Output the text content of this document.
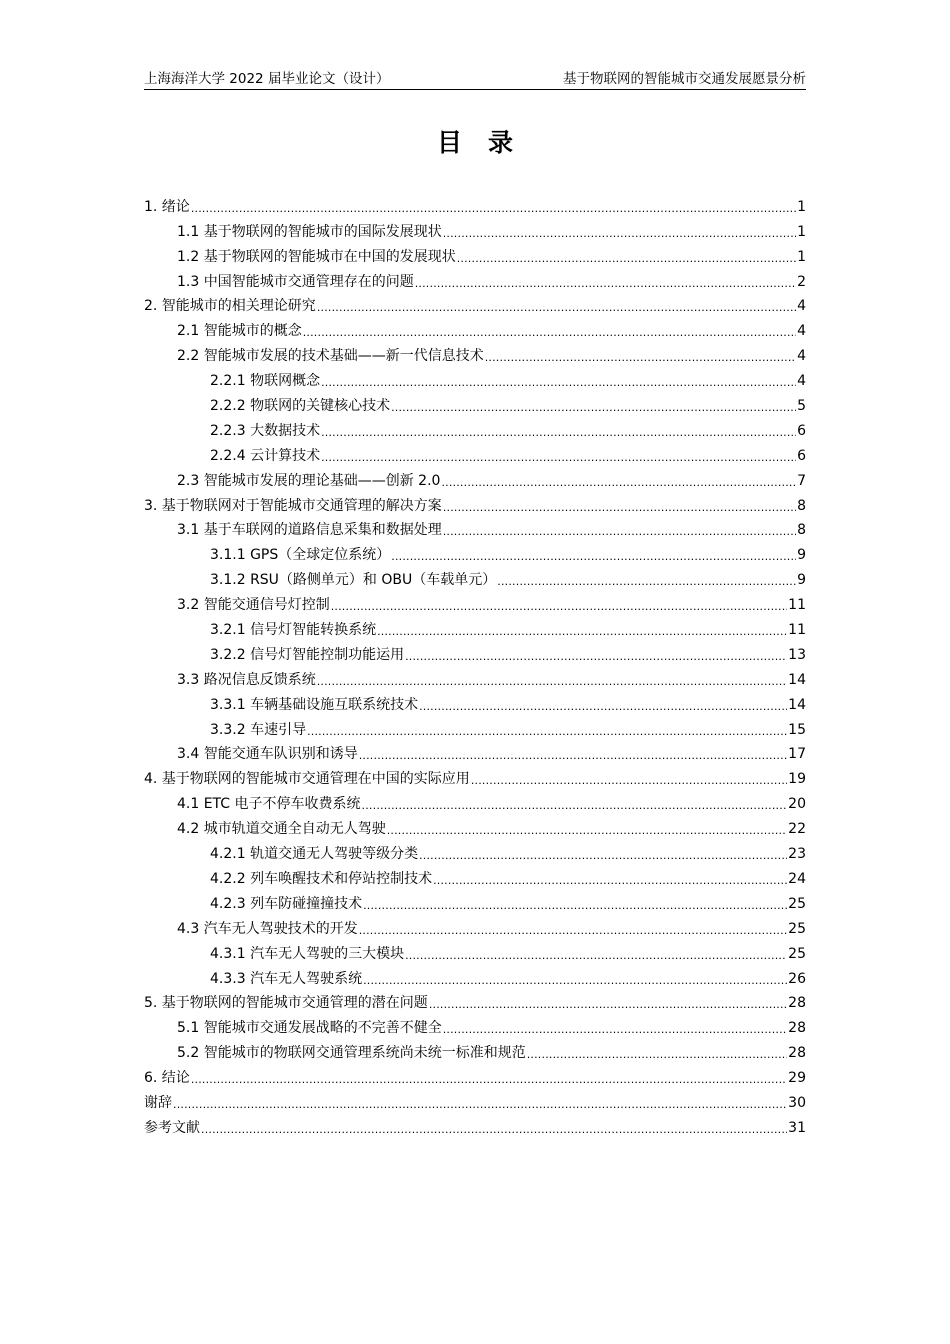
上海海洋大学 2022 届毕业论文（设计）	基于物联网的智能城市交通发展愿景分析
目录
1. 绪论 .....	1
1.1 基于物联网的智能城市的国际发展现状 .....	1
1.2 基于物联网的智能城市在中国的发展现状 .....	1
1.3 中国智能城市交通管理存在的问题 .....	2
2. 智能城市的相关理论研究 .....	4
2.1 智能城市的概念 .....	4
2.2 智能城市发展的技术基础——新一代信息技术 .....	4
2.2.1 物联网概念 .....	4
2.2.2 物联网的关键核心技术 .....	5
2.2.3 大数据技术 .....	6
2.2.4 云计算技术 .....	6
2.3 智能城市发展的理论基础——创新 2.0 .....	7
3. 基于物联网对于智能城市交通管理的解决方案 .....	8
3.1 基于车联网的道路信息采集和数据处理 .....	8
3.1.1 GPS（全球定位系统） .....	9
3.1.2 RSU（路侧单元）和 OBU（车载单元） .....	9
3.2 智能交通信号灯控制 .....	11
3.2.1 信号灯智能转换系统 .....	11
3.2.2 信号灯智能控制功能运用 .....	13
3.3 路况信息反馈系统 .....	14
3.3.1 车辆基础设施互联系统技术 .....	14
3.3.2 车速引导 .....	15
3.4 智能交通车队识别和诱导 .....	17
4. 基于物联网的智能城市交通管理在中国的实际应用 .....	19
4.1 ETC 电子不停车收费系统 .....	20
4.2 城市轨道交通全自动无人驾驶 .....	22
4.2.1 轨道交通无人驾驶等级分类 .....	23
4.2.2 列车唤醒技术和停站控制技术 .....	24
4.2.3 列车防碰撞撞技术 .....	25
4.3 汽车无人驾驶技术的开发 .....	25
4.3.1 汽车无人驾驶的三大模块 .....	25
4.3.3 汽车无人驾驶系统 .....	26
5. 基于物联网的智能城市交通管理的潜在问题 .....	28
5.1 智能城市交通发展战略的不完善不健全 .....	28
5.2 智能城市的物联网交通管理系统尚未统一标准和规范 .....	28
6. 结论 .....	29
谢辞 .....	30
参考文献 .....	31
